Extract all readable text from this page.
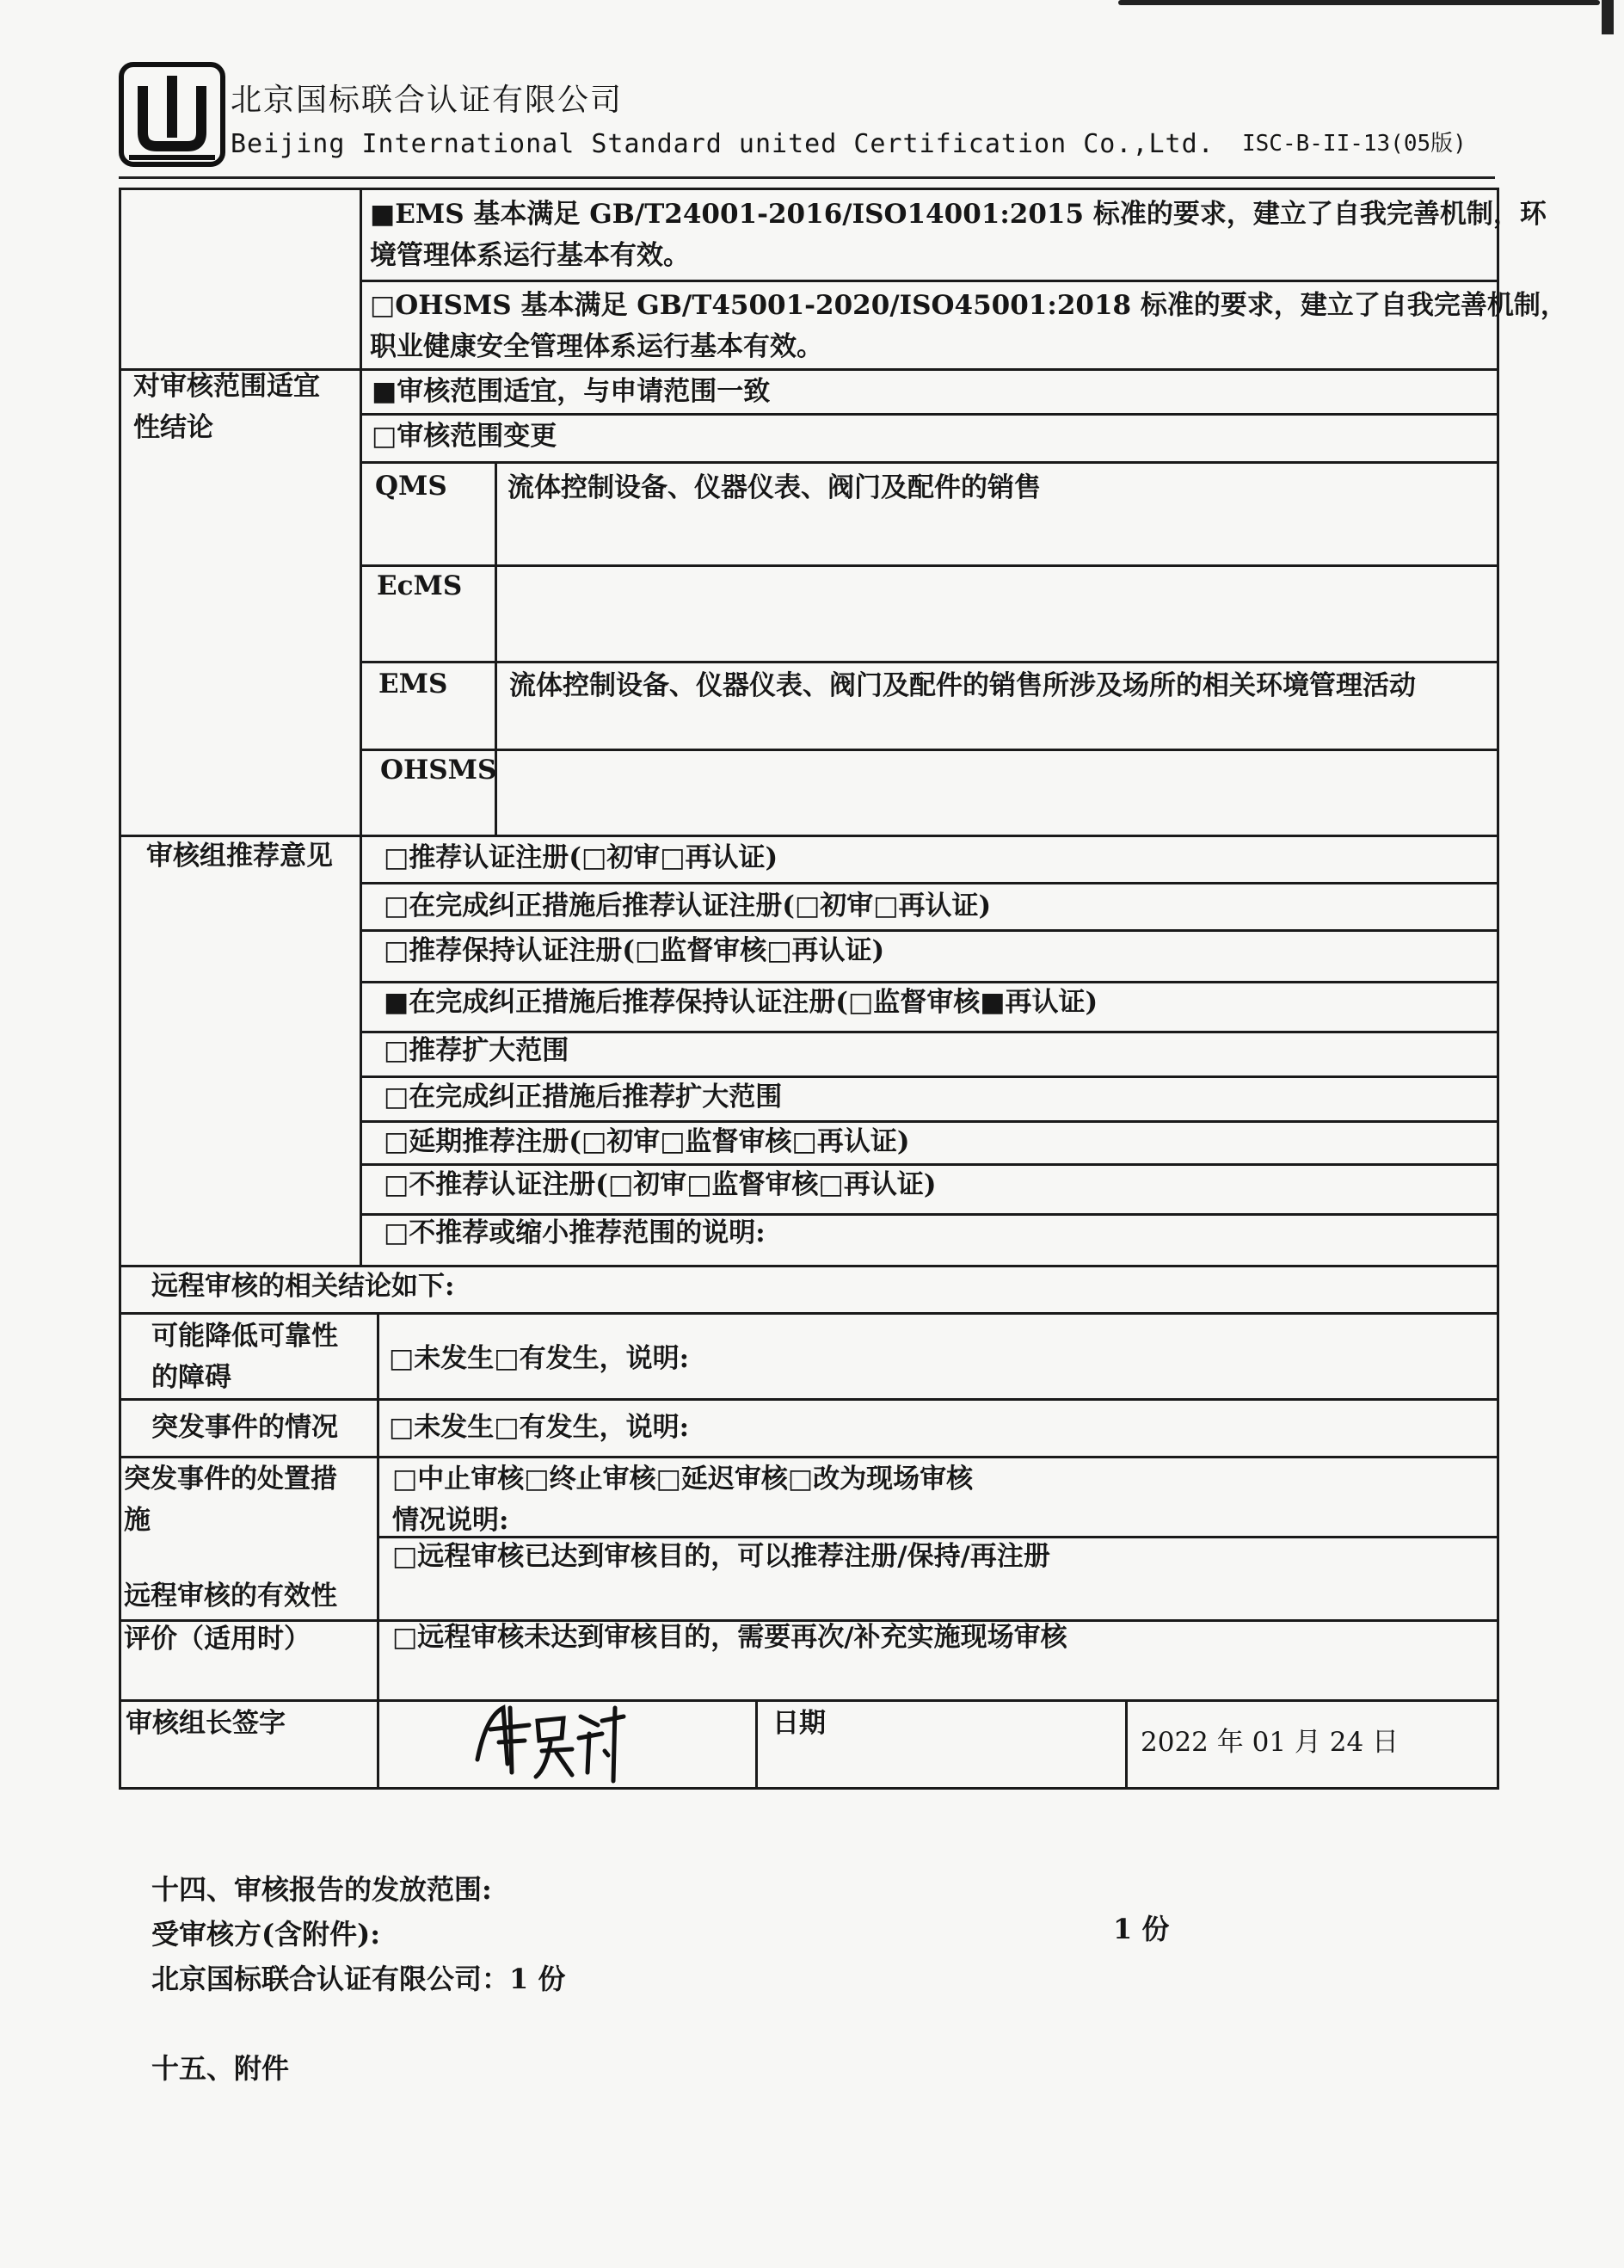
北京国标联合认证有限公司
Beijing International Standard united Certification Co.,Ltd. ISC-B-II-13(05版)
■EMS 基本满足 GB/T24001-2016/ISO14001:2015 标准的要求，建立了自我完善机制，环
境管理体系运行基本有效。
□OHSMS 基本满足 GB/T45001-2020/ISO45001:2018 标准的要求，建立了自我完善机制，
职业健康安全管理体系运行基本有效。
对审核范围适宜
性结论
■审核范围适宜，与申请范围一致
□审核范围变更
QMS 流体控制设备、仪器仪表、阀门及配件的销售
EcMS
EMS 流体控制设备、仪器仪表、阀门及配件的销售所涉及场所的相关环境管理活动
OHSMS
审核组推荐意见 □推荐认证注册(□初审□再认证)
□在完成纠正措施后推荐认证注册(□初审□再认证)
□推荐保持认证注册(□监督审核□再认证)
■在完成纠正措施后推荐保持认证注册(□监督审核■再认证)
□推荐扩大范围
□在完成纠正措施后推荐扩大范围
□延期推荐注册(□初审□监督审核□再认证)
□不推荐认证注册(□初审□监督审核□再认证)
□不推荐或缩小推荐范围的说明:
远程审核的相关结论如下:
可能降低可靠性
的障碍
□未发生□有发生，说明:
突发事件的情况 □未发生□有发生，说明:
突发事件的处置措
施
□中止审核□终止审核□延迟审核□改为现场审核
情况说明:
远程审核的有效性
评价（适用时）
□远程审核已达到审核目的，可以推荐注册/保持/再注册
□远程审核未达到审核目的，需要再次/补充实施现场审核
审核组长签字	日期
2022 年 01 月 24 日
十四、审核报告的发放范围:
受审核方(含附件):	1 份
北京国标联合认证有限公司：1 份
十五、附件
